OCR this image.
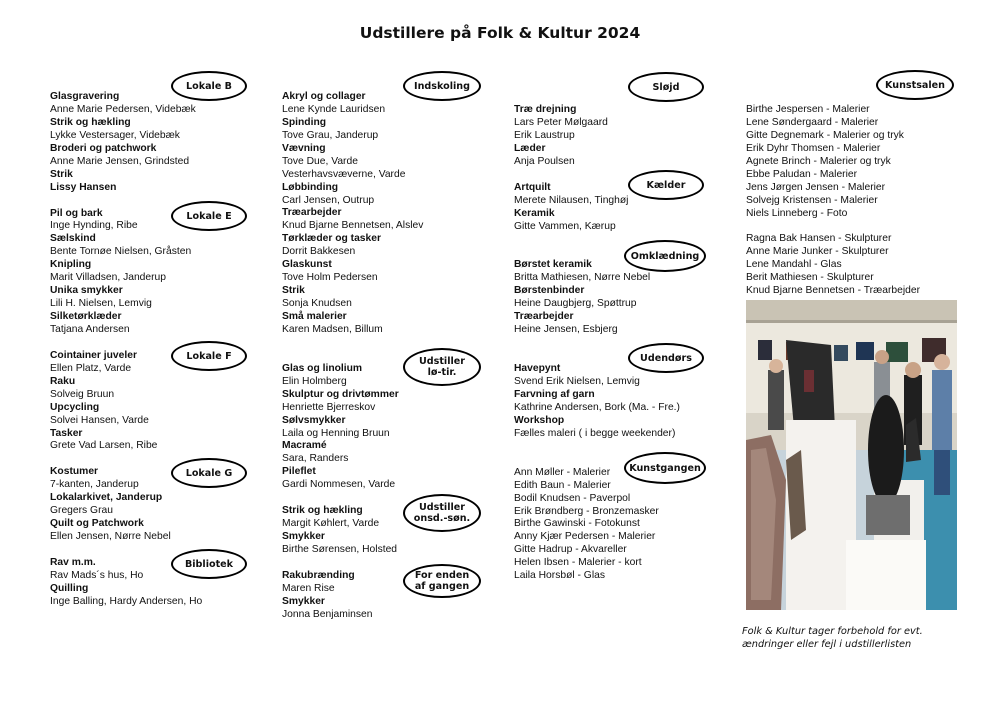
Udstillere på Folk & Kultur 2024
Glasgravering
Anne Marie Pedersen, Videbæk
Strik og hækling
Lykke Vestersager, Videbæk
Broderi og patchwork
Anne Marie Jensen, Grindsted
Strik
Lissy Hansen
Pil og bark
Inge Hynding, Ribe
Sælskind
Bente Tornøe Nielsen, Gråsten
Knipling
Marit Villadsen, Janderup
Unika smykker
Lili H. Nielsen, Lemvig
Silketørklæder
Tatjana Andersen
Cointainer juveler
Ellen Platz, Varde
Raku
Solveig Bruun
Upcycling
Solvei Hansen, Varde
Tasker
Grete Vad Larsen, Ribe
Kostumer
7-kanten, Janderup
Lokalarkivet, Janderup
Gregers Grau
Quilt og Patchwork
Ellen Jensen, Nørre Nebel
Rav m.m.
Rav Mads´s hus, Ho
Quilling
Inge Balling, Hardy Andersen, Ho
Akryl og collager
Lene Kynde Lauridsen
Spinding
Tove Grau, Janderup
Vævning
Tove Due, Varde
Vesterhavsvæverne, Varde
Løbbinding
Carl Jensen, Outrup
Træarbejder
Knud Bjarne Bennetsen, Alslev
Tørklæder og tasker
Dorrit Bakkesen
Glaskunst
Tove Holm Pedersen
Strik
Sonja Knudsen
Små malerier
Karen Madsen, Billum
Glas og linolium
Elin Holmberg
Skulptur og drivtømmer
Henriette Bjerreskov
Sølvsmykker
Laila og Henning Bruun
Macramé
Sara, Randers
Pileflet
Gardi Nommesen, Varde
Strik og hækling
Margit Køhlert, Varde
Smykker
Birthe Sørensen, Holsted
Rakubrænding
Maren Rise
Smykker
Jonna Benjaminsen
Træ drejning
Lars Peter Mølgaard
Erik Laustrup
Læder
Anja Poulsen
Artquilt
Merete Nilausen, Tinghøj
Keramik
Gitte Vammen, Kærup
Børstet keramik
Britta Mathiesen, Nørre Nebel
Børstenbinder
Heine Daugbjerg, Spøttrup
Træarbejder
Heine Jensen, Esbjerg
Havepynt
Svend Erik Nielsen, Lemvig
Farvning af garn
Kathrine Andersen, Bork (Ma. - Fre.)
Workshop
Fælles maleri ( i begge weekender)
Ann Møller - Malerier
Edith Baun - Malerier
Bodil Knudsen - Paverpol
Erik Brøndberg - Bronzemasker
Birthe Gawinski - Fotokunst
Anny Kjær Pedersen - Malerier
Gitte Hadrup - Akvareller
Helen Ibsen - Malerier - kort
Laila Horsbøl - Glas
Birthe Jespersen - Malerier
Lene Søndergaard - Malerier
Gitte Degnemark - Malerier og tryk
Erik Dyhr Thomsen - Malerier
Agnete Brinch - Malerier og tryk
Ebbe Paludan - Malerier
Jens Jørgen Jensen - Malerier
Solvejg Kristensen - Malerier
Niels Linneberg - Foto
Ragna Bak Hansen - Skulpturer
Anne Marie Junker - Skulpturer
Lene Mandahl - Glas
Berit Mathiesen - Skulpturer
Knud Bjarne Bennetsen - Træarbejder
Lokale B
Lokale E
Lokale F
Lokale G
Bibliotek
Indskoling
Udstiller
lø-tir.
Udstiller
onsd.-søn.
For enden
af gangen
Sløjd
Kælder
Omklædning
Udendørs
Kunstgangen
Kunstsalen
Folk & Kultur tager forbehold for evt.
ændringer eller fejl i udstillerlisten
